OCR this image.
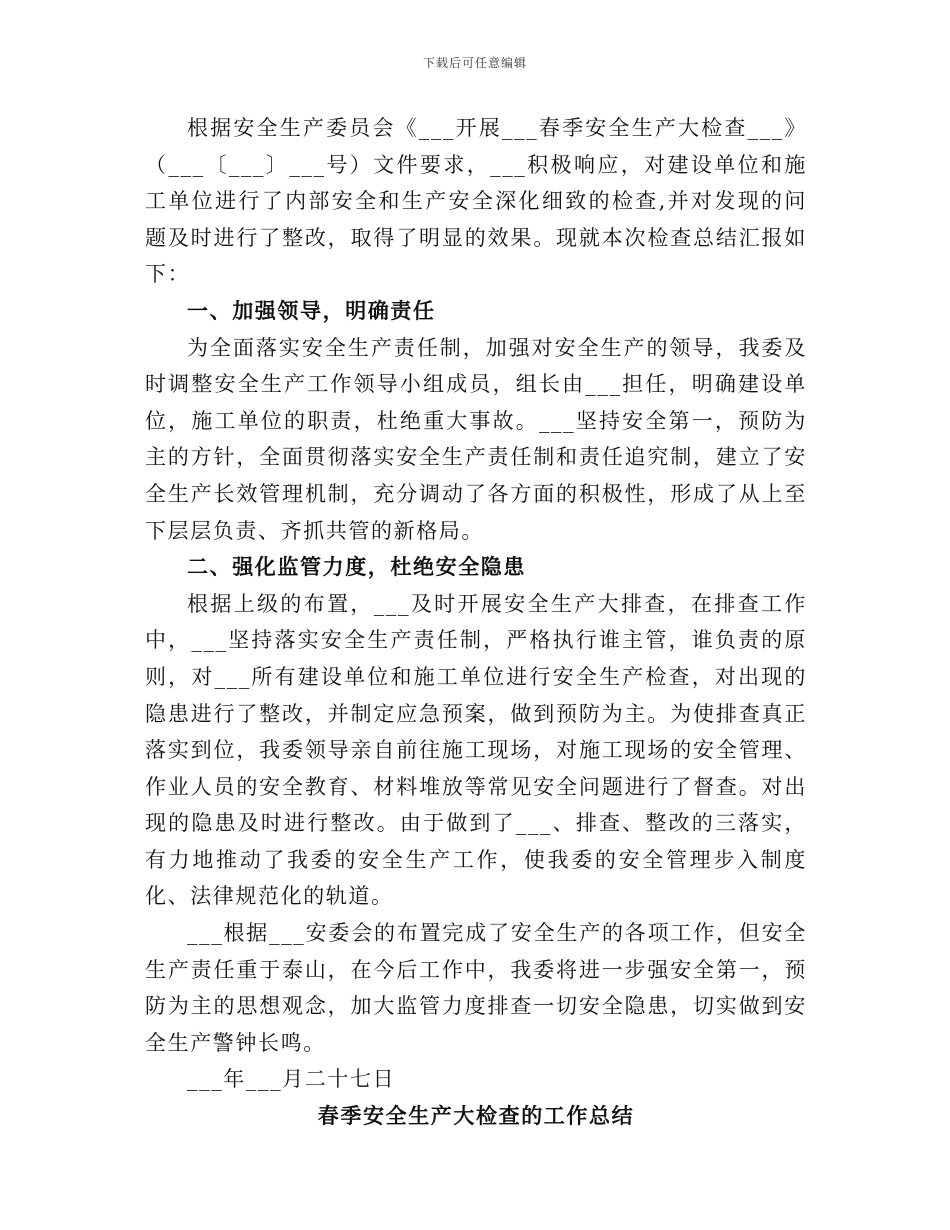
下载后可任意编辑

根据安全生产委员会《___开展___春季安全生产大检查___》（___〔___〕___号）文件要求，___积极响应，对建设单位和施工单位进行了内部安全和生产安全深化细致的检查,并对发现的问题及时进行了整改，取得了明显的效果。现就本次检查总结汇报如下：

一、加强领导，明确责任

为全面落实安全生产责任制，加强对安全生产的领导，我委及时调整安全生产工作领导小组成员，组长由___担任，明确建设单位，施工单位的职责，杜绝重大事故。___坚持安全第一，预防为主的方针，全面贯彻落实安全生产责任制和责任追究制，建立了安全生产长效管理机制，充分调动了各方面的积极性，形成了从上至下层层负责、齐抓共管的新格局。

二、强化监管力度，杜绝安全隐患

根据上级的布置，___及时开展安全生产大排查，在排查工作中，___坚持落实安全生产责任制，严格执行谁主管，谁负责的原则，对___所有建设单位和施工单位进行安全生产检查，对出现的隐患进行了整改，并制定应急预案，做到预防为主。为使排查真正落实到位，我委领导亲自前往施工现场，对施工现场的安全管理、作业人员的安全教育、材料堆放等常见安全问题进行了督查。对出现的隐患及时进行整改。由于做到了___、排查、整改的三落实，有力地推动了我委的安全生产工作，使我委的安全管理步入制度化、法律规范化的轨道。

___根据___安委会的布置完成了安全生产的各项工作，但安全生产责任重于泰山，在今后工作中，我委将进一步强安全第一，预防为主的思想观念，加大监管力度排查一切安全隐患，切实做到安全生产警钟长鸣。

___年___月二十七日

春季安全生产大检查的工作总结
